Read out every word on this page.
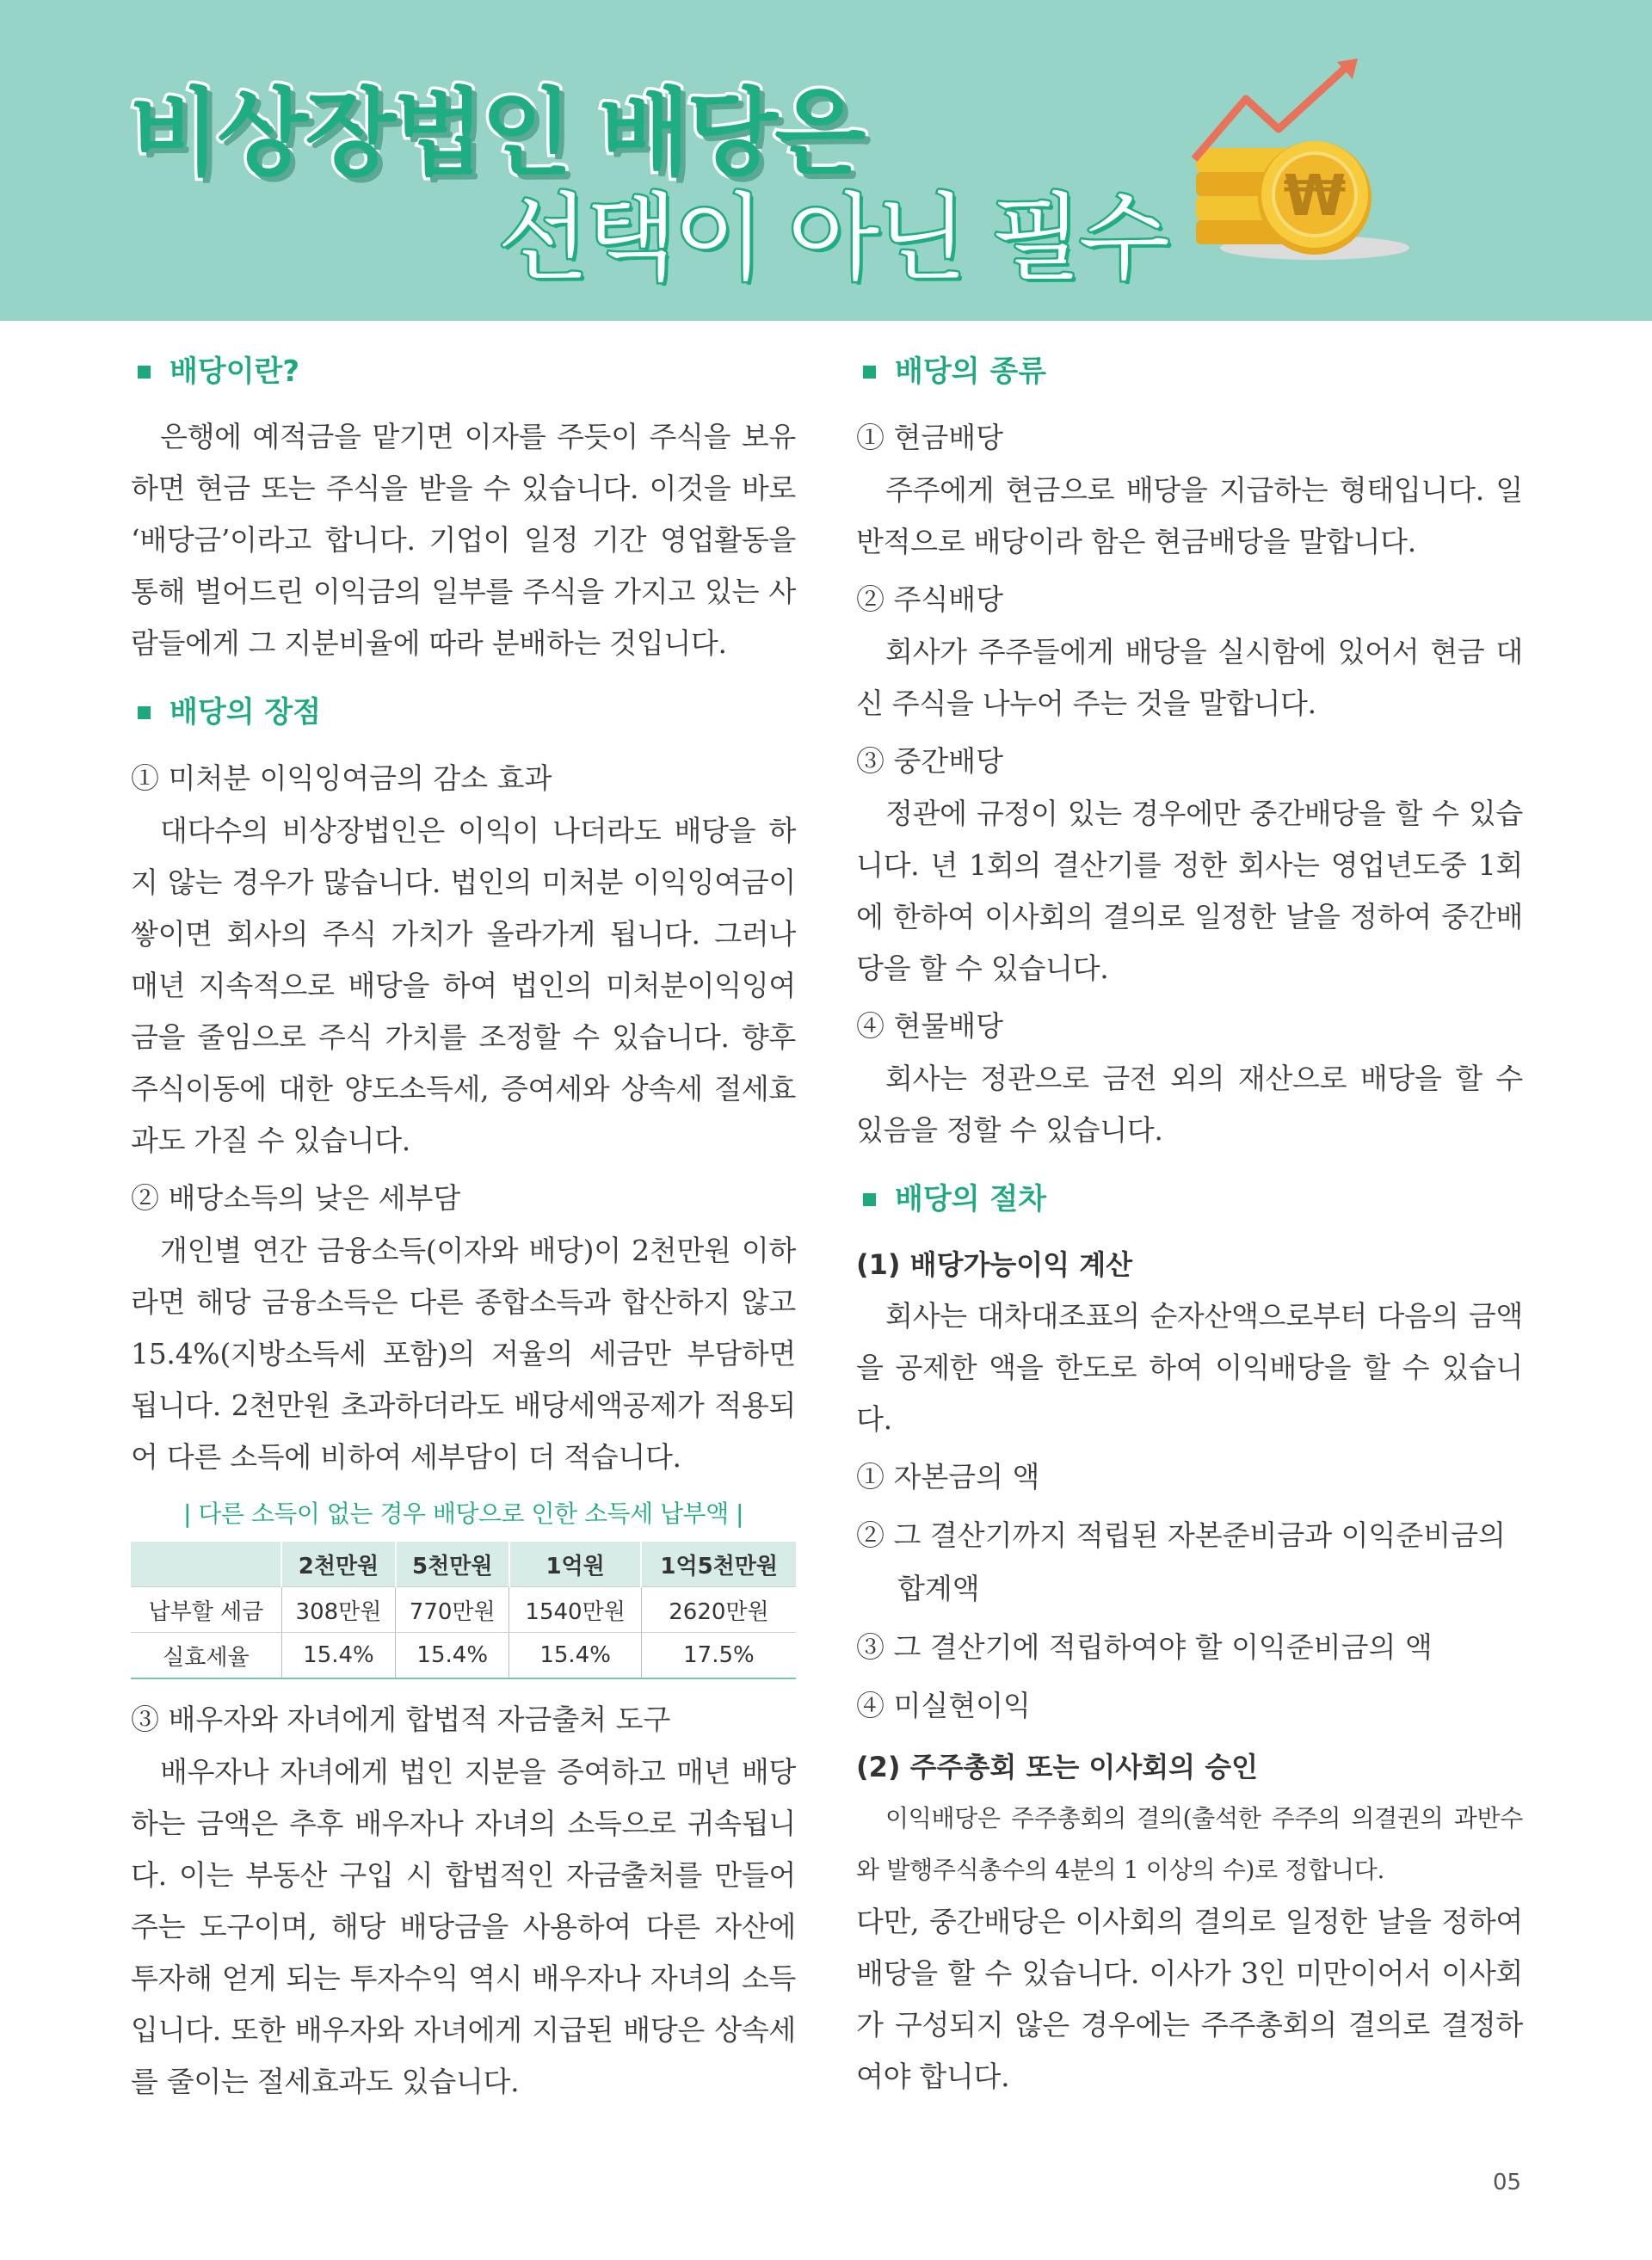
비상장법인 배당은
선택이 아닌 필수 ₩
배당이란?

은행에 예적금을 맡기면 이자를 주듯이 주식을 보유하면 현금 또는 주식을 받을 수 있습니다. 이것을 바로 ‘배당금’이라고 합니다. 기업이 일정 기간 영업활동을 통해 벌어드린 이익금의 일부를 주식을 가지고 있는 사람들에게 그 지분비율에 따라 분배하는 것입니다.

배당의 장점

① 미처분 이익잉여금의 감소 효과

대다수의 비상장법인은 이익이 나더라도 배당을 하지 않는 경우가 많습니다. 법인의 미처분 이익잉여금이 쌓이면 회사의 주식 가치가 올라가게 됩니다. 그러나 매년 지속적으로 배당을 하여 법인의 미처분이익잉여금을 줄임으로 주식 가치를 조정할 수 있습니다. 향후 주식이동에 대한 양도소득세, 증여세와 상속세 절세효과도 가질 수 있습니다.

② 배당소득의 낮은 세부담

개인별 연간 금융소득(이자와 배당)이 2천만원 이하라면 해당 금융소득은 다른 종합소득과 합산하지 않고 15.4%(지방소득세 포함)의 저율의 세금만 부담하면 됩니다. 2천만원 초과하더라도 배당세액공제가 적용되어 다른 소득에 비하여 세부담이 더 적습니다.

| 다른 소득이 없는 경우 배당으로 인한 소득세 납부액 |
	2천만원	5천만원	1억원	1억5천만원
납부할 세금	308만원	770만원	1540만원	2620만원
실효세율	15.4%	15.4%	15.4%	17.5%

③ 배우자와 자녀에게 합법적 자금출처 도구

배우자나 자녀에게 법인 지분을 증여하고 매년 배당하는 금액은 추후 배우자나 자녀의 소득으로 귀속됩니다. 이는 부동산 구입 시 합법적인 자금출처를 만들어 주는 도구이며, 해당 배당금을 사용하여 다른 자산에 투자해 얻게 되는 투자수익 역시 배우자나 자녀의 소득입니다. 또한 배우자와 자녀에게 지급된 배당은 상속세를 줄이는 절세효과도 있습니다.

배당의 종류

① 현금배당

주주에게 현금으로 배당을 지급하는 형태입니다. 일반적으로 배당이라 함은 현금배당을 말합니다.

② 주식배당

회사가 주주들에게 배당을 실시함에 있어서 현금 대신 주식을 나누어 주는 것을 말합니다.

③ 중간배당

정관에 규정이 있는 경우에만 중간배당을 할 수 있습니다. 년 1회의 결산기를 정한 회사는 영업년도중 1회에 한하여 이사회의 결의로 일정한 날을 정하여 중간배당을 할 수 있습니다.

④ 현물배당

회사는 정관으로 금전 외의 재산으로 배당을 할 수 있음을 정할 수 있습니다.

배당의 절차

(1) 배당가능이익 계산

회사는 대차대조표의 순자산액으로부터 다음의 금액을 공제한 액을 한도로 하여 이익배당을 할 수 있습니다.

① 자본금의 액

② 그 결산기까지 적립된 자본준비금과 이익준비금의 합계액

③ 그 결산기에 적립하여야 할 이익준비금의 액

④ 미실현이익

(2) 주주총회 또는 이사회의 승인

이익배당은 주주총회의 결의(출석한 주주의 의결권의 과반수와 발행주식총수의 4분의 1 이상의 수)로 정합니다.

다만, 중간배당은 이사회의 결의로 일정한 날을 정하여 배당을 할 수 있습니다. 이사가 3인 미만이어서 이사회가 구성되지 않은 경우에는 주주총회의 결의로 결정하여야 합니다.

05
